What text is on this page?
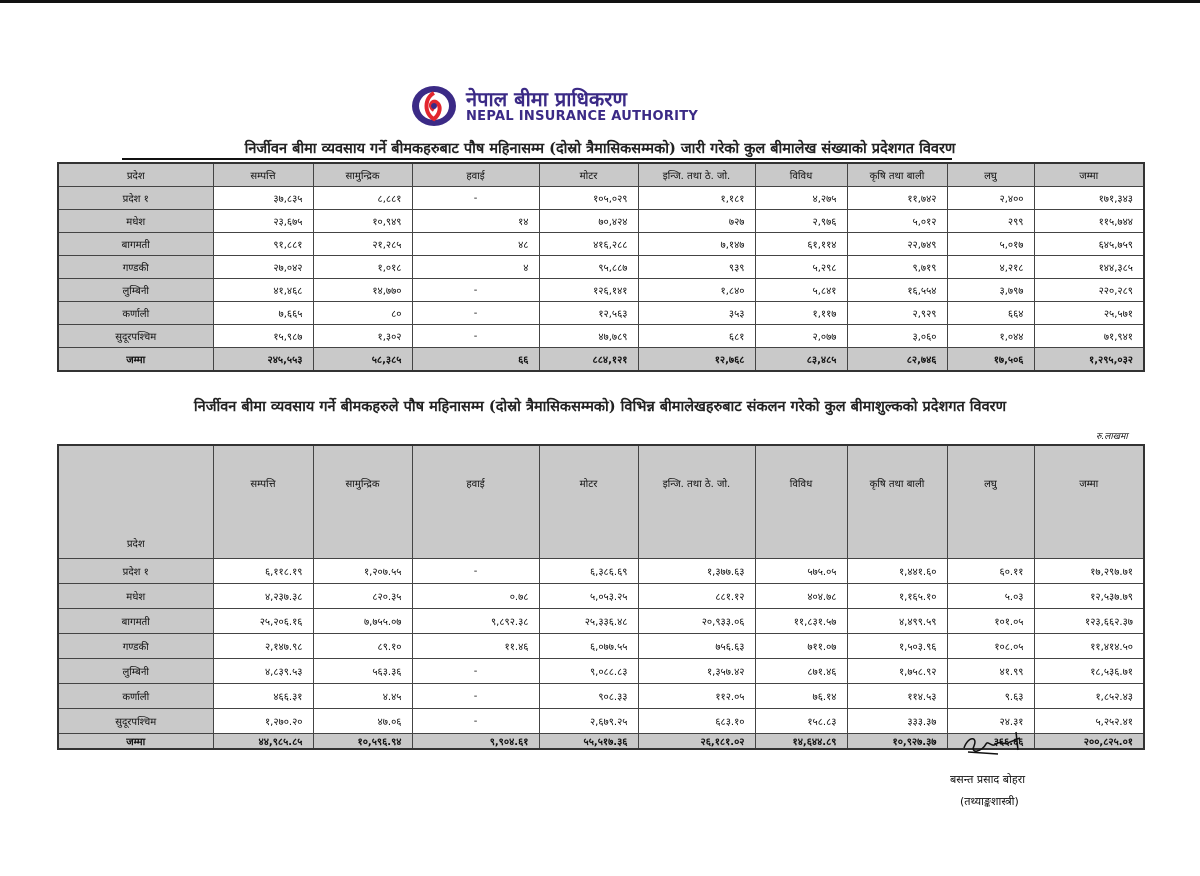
नेपाल बीमा प्राधिकरण
NEPAL INSURANCE AUTHORITY
निर्जीवन बीमा व्यवसाय गर्ने बीमकहरुबाट पौष महिनासम्म (दोस्रो त्रैमासिकसम्मको) जारी गरेको कुल बीमालेख संख्याको प्रदेशगत विवरण
प्रदेश	सम्पत्ति	सामुन्द्रिक	हवाई	मोटर	इन्जि. तथा ठे. जो.	विविध	कृषि तथा बाली	लघु	जम्मा
प्रदेश १	३७,८३५	८,८८१	-	१०५,०२९	१,१८१	४,२७५	११,७४२	२,४००	१७१,३४३
मधेश	२३,६७५	१०,९४९	१४	७०,४२४	७२७	२,९७६	५,०१२	२९९	११५,७४४
बागमती	९१,८८१	२१,२८५	४८	४१६,२८८	७,१४७	६१,११४	२२,७४९	५,०१७	६४५,७५९
गण्डकी	२७,०४२	१,०१८	४	९५,८८७	९३९	५,२९८	९,७१९	४,२१८	१४४,३८५
लुम्बिनी	४१,४६८	१४,७७०	-	१२६,१४१	१,८४०	५,८४१	१६,५५४	३,७९७	२२०,२८९
कर्णाली	७,६६५	८०	-	१२,५६३	३५३	१,११७	२,९२९	६६४	२५,५७१
सुदूरपश्चिम	१५,९८७	१,३०२	-	४७,७८९	६८१	२,०७७	३,०६०	१,०४४	७१,९४१
जम्मा	२४५,५५३	५८,३८५	६६	८८४,१२१	१२,७६८	८३,४८५	८२,७४६	१७,५०६	१,२९५,०३२
निर्जीवन बीमा व्यवसाय गर्ने बीमकहरुले पौष महिनासम्म (दोस्रो त्रैमासिकसम्मको) विभिन्न बीमालेखहरुबाट संकलन गरेको कुल बीमाशुल्कको प्रदेशगत विवरण
रु.लाखमा
प्रदेश	सम्पत्ति	सामुन्द्रिक	हवाई	मोटर	इन्जि. तथा ठे. जो.	विविध	कृषि तथा बाली	लघु	जम्मा
प्रदेश १	६,११८.१९	१,२०७.५५	-	६,३८६.६९	१,३७७.६३	५७५.०५	१,४४१.६०	६०.११	१७,२९७.७१
मधेश	४,२३७.३८	८२०.३५	०.७८	५,०५३.२५	८८१.१२	४०४.७८	१,१६५.१०	५.०३	१२,५३७.७९
बागमती	२५,२०६.१६	७,७५५.०७	९,८९२.३८	२५,३३६.४८	२०,९३३.०६	११,८३१.५७	४,४९९.५९	१०१.०५	१२३,६६२.३७
गण्डकी	२,१४७.९८	८९.१०	११.४६	६,०७७.५५	७५६.६३	७११.०७	१,५०३.९६	१०८.०५	११,४१४.५०
लुम्बिनी	४,८३९.५३	५६३.३६	-	९,०८८.८३	१,३५७.४२	८७१.४६	१,७५८.९२	४१.९९	१८,५३६.७१
कर्णाली	४६६.३१	४.४५	-	९०८.३३	११२.०५	७६.१४	११४.५३	९.६३	१,८५२.४३
सुदूरपश्चिम	१,२७०.२०	४७.०६	-	२,६७९.२५	६८३.१०	१५८.८३	३३३.३७	२४.३१	५,२५२.४१
जम्मा	४४,९८५.८५	१०,५९६.९४	९,९०४.६१	५५,५१७.३६	२६,१८१.०२	१४,६४४.८९	१०,९२७.३७	३६६.६६	२००,८२५.०१
बसन्त प्रसाद बोहरा
(तथ्याङ्कशास्त्री)
